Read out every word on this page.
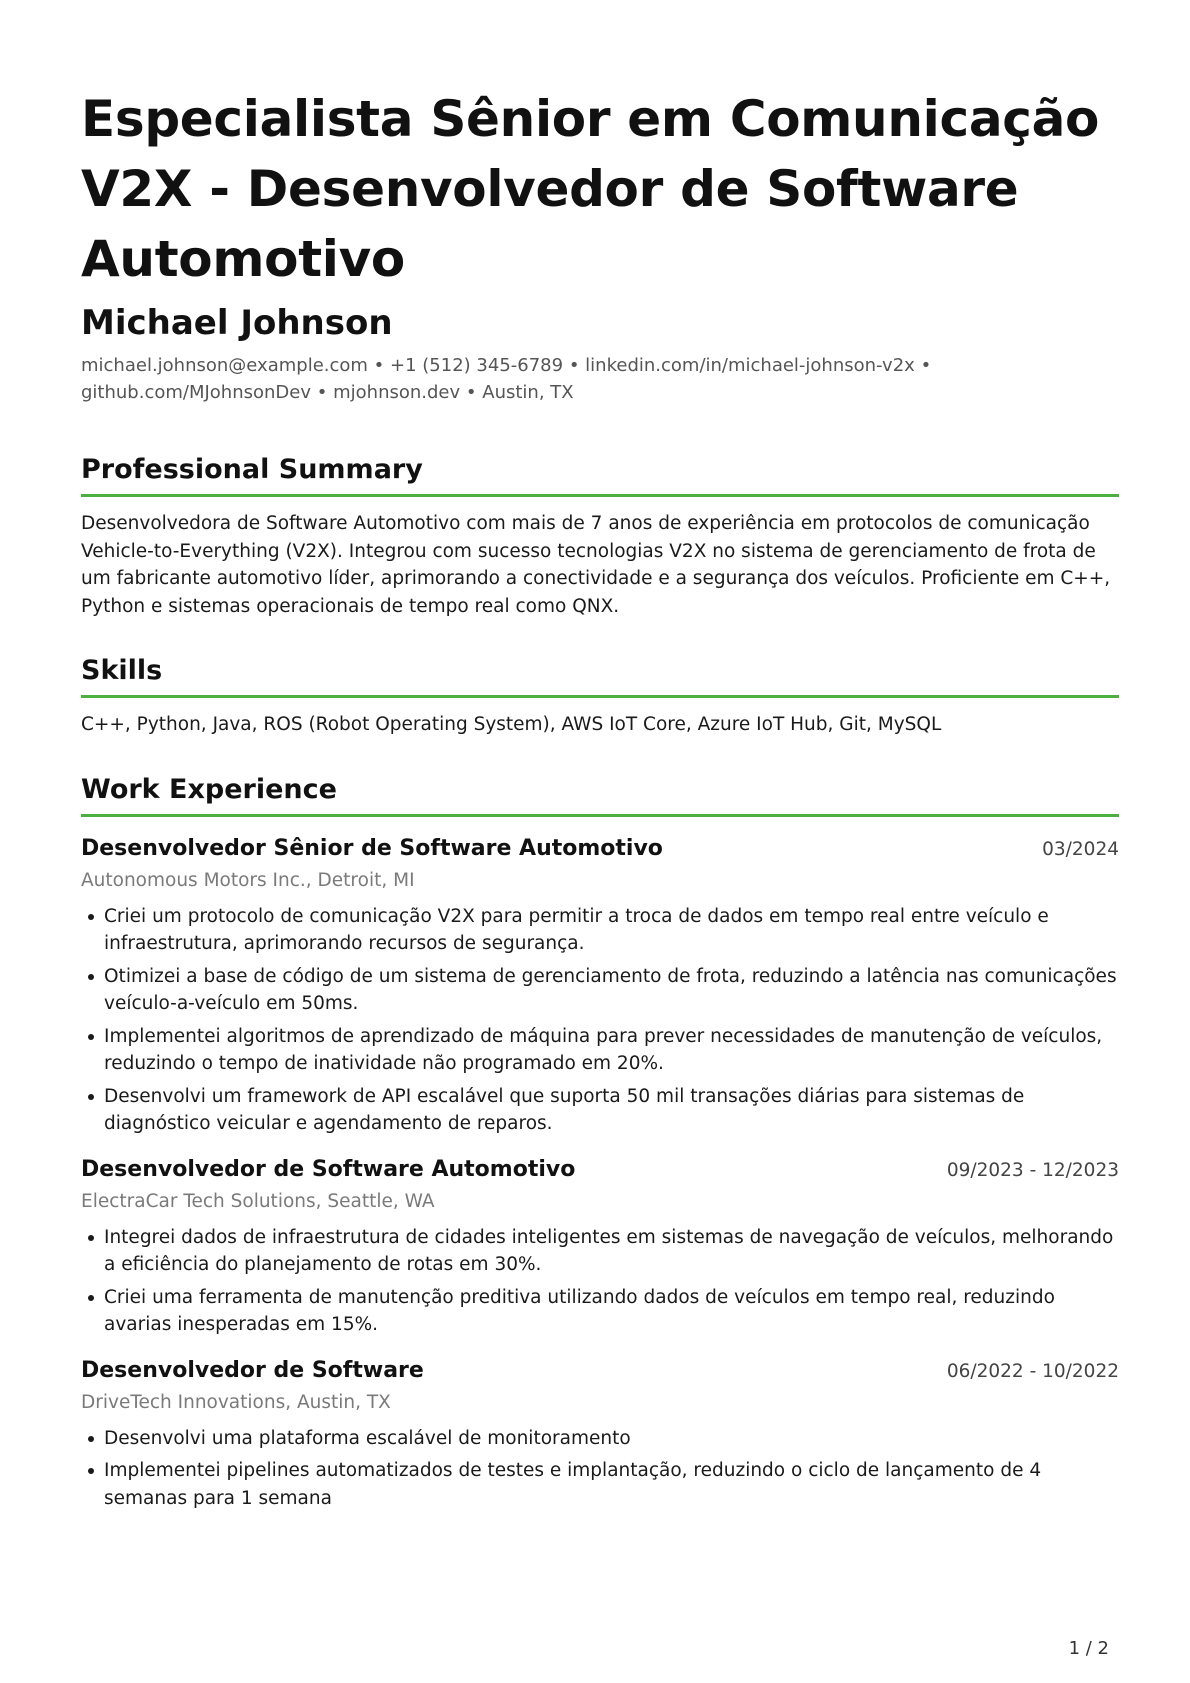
Especialista Sênior em Comunicação V2X - Desenvolvedor de Software Automotivo
Michael Johnson

michael.johnson@example.com • +1 (512) 345-6789 • linkedin.com/in/michael-johnson-v2x • github.com/MJohnsonDev • mjohnson.dev • Austin, TX

Professional Summary

Desenvolvedora de Software Automotivo com mais de 7 anos de experiência em protocolos de comunicação Vehicle-to-Everything (V2X). Integrou com sucesso tecnologias V2X no sistema de gerenciamento de frota de um fabricante automotivo líder, aprimorando a conectividade e a segurança dos veículos. Proficiente em C++, Python e sistemas operacionais de tempo real como QNX.

Skills

C++, Python, Java, ROS (Robot Operating System), AWS IoT Core, Azure IoT Hub, Git, MySQL

Work Experience
Desenvolvedor Sênior de Software Automotivo	03/2024
Autonomous Motors Inc., Detroit, MI
Criei um protocolo de comunicação V2X para permitir a troca de dados em tempo real entre veículo e infraestrutura, aprimorando recursos de segurança.
Otimizei a base de código de um sistema de gerenciamento de frota, reduzindo a latência nas comunicações veículo-a-veículo em 50ms.
Implementei algoritmos de aprendizado de máquina para prever necessidades de manutenção de veículos, reduzindo o tempo de inatividade não programado em 20%.
Desenvolvi um framework de API escalável que suporta 50 mil transações diárias para sistemas de diagnóstico veicular e agendamento de reparos.
Desenvolvedor de Software Automotivo	09/2023 - 12/2023
ElectraCar Tech Solutions, Seattle, WA
Integrei dados de infraestrutura de cidades inteligentes em sistemas de navegação de veículos, melhorando a eficiência do planejamento de rotas em 30%.
Criei uma ferramenta de manutenção preditiva utilizando dados de veículos em tempo real, reduzindo avarias inesperadas em 15%.
Desenvolvedor de Software	06/2022 - 10/2022
DriveTech Innovations, Austin, TX
Desenvolvi uma plataforma escalável de monitoramento
Implementei pipelines automatizados de testes e implantação, reduzindo o ciclo de lançamento de 4 semanas para 1 semana
1 / 2
